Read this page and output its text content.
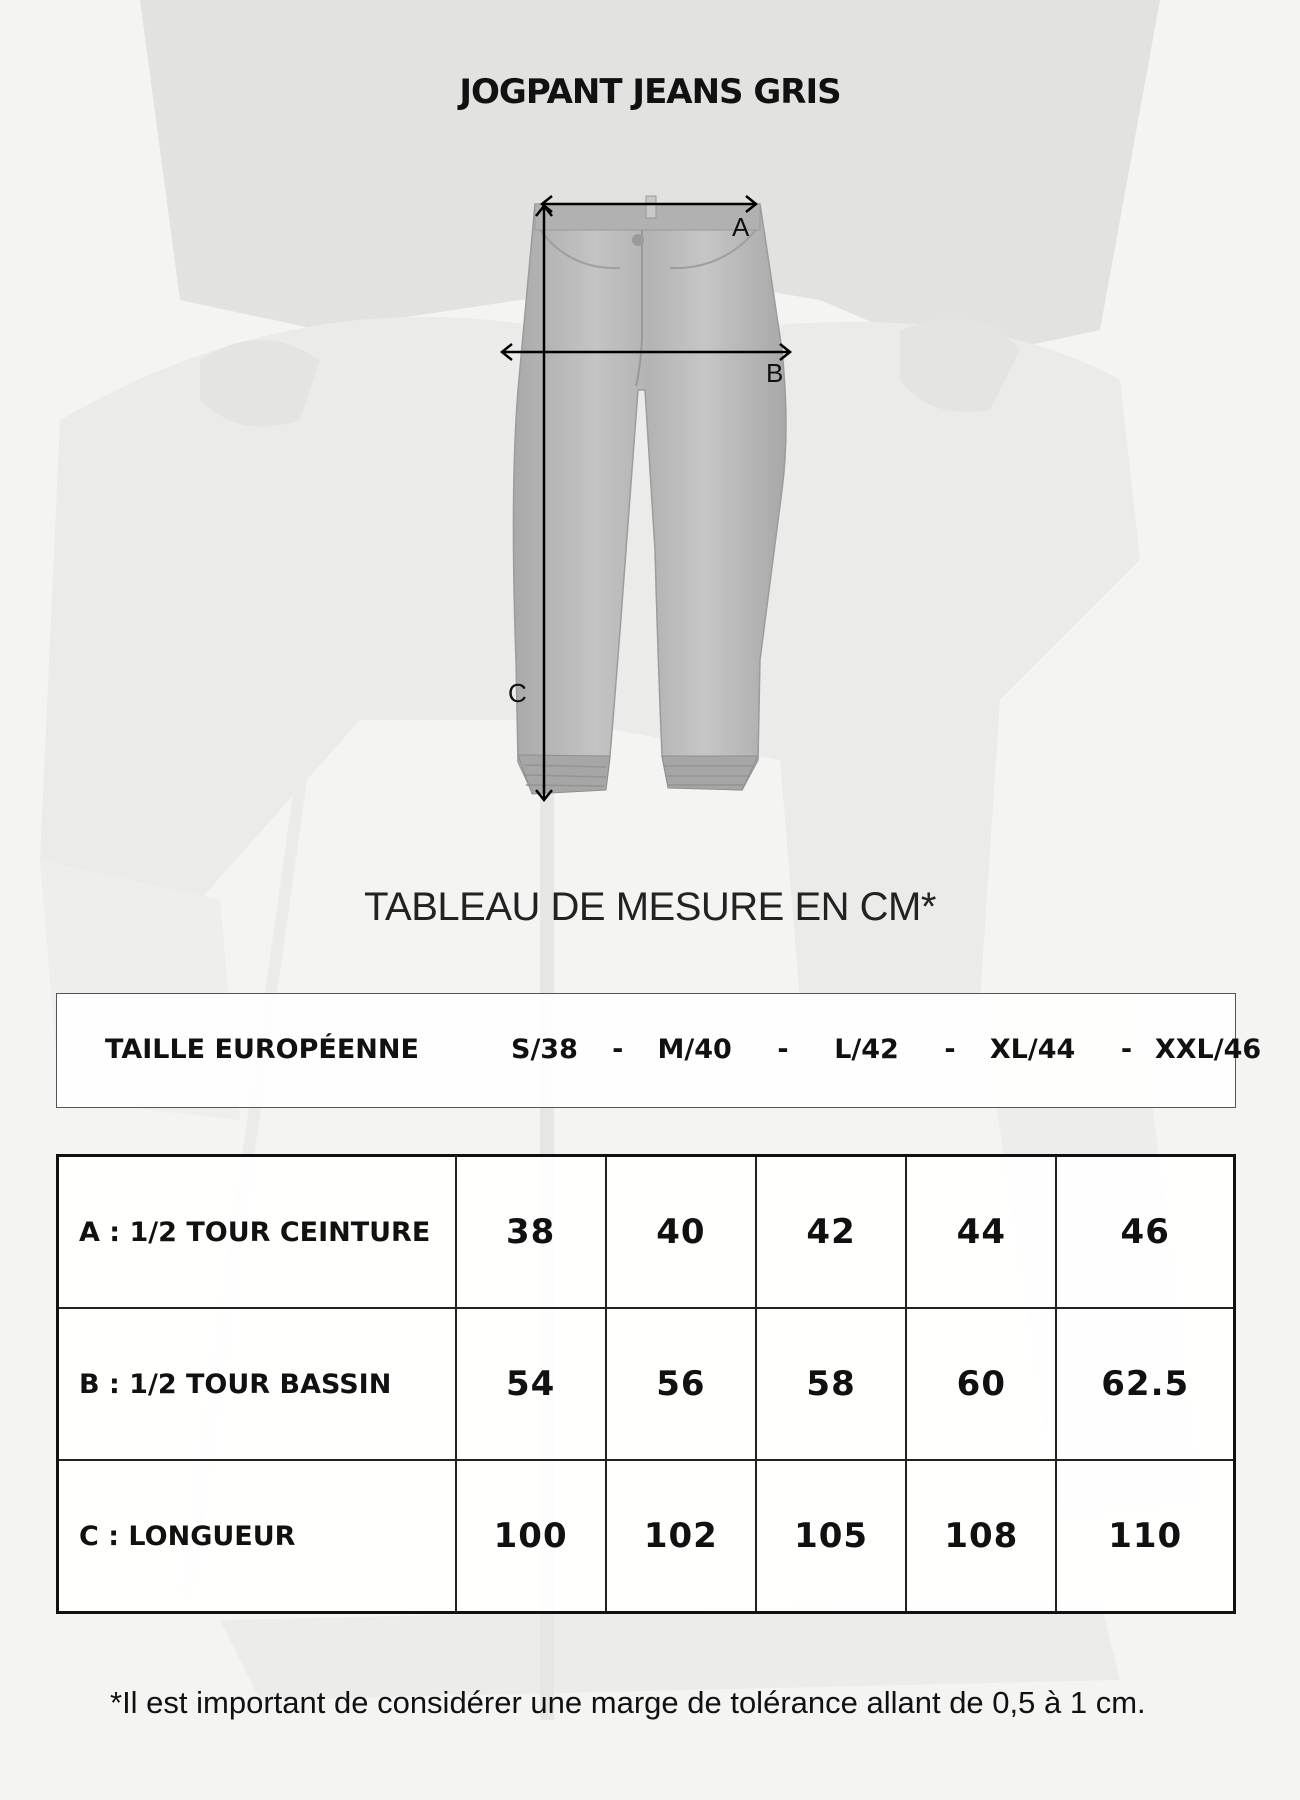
JOGPANT JEANS GRIS
A
B
C
TABLEAU DE MESURE EN CM*
TAILLE EUROPÉENNE	S/38   -   M/40    -    L/42    -   XL/44    -  XXL/46
A : 1/2 TOUR CEINTURE	38	40	42	44	46
B : 1/2 TOUR BASSIN	54	56	58	60	62.5
C : LONGUEUR	100	102	105	108	110
*Il est important de considérer une marge de tolérance allant de 0,5 à 1 cm.
